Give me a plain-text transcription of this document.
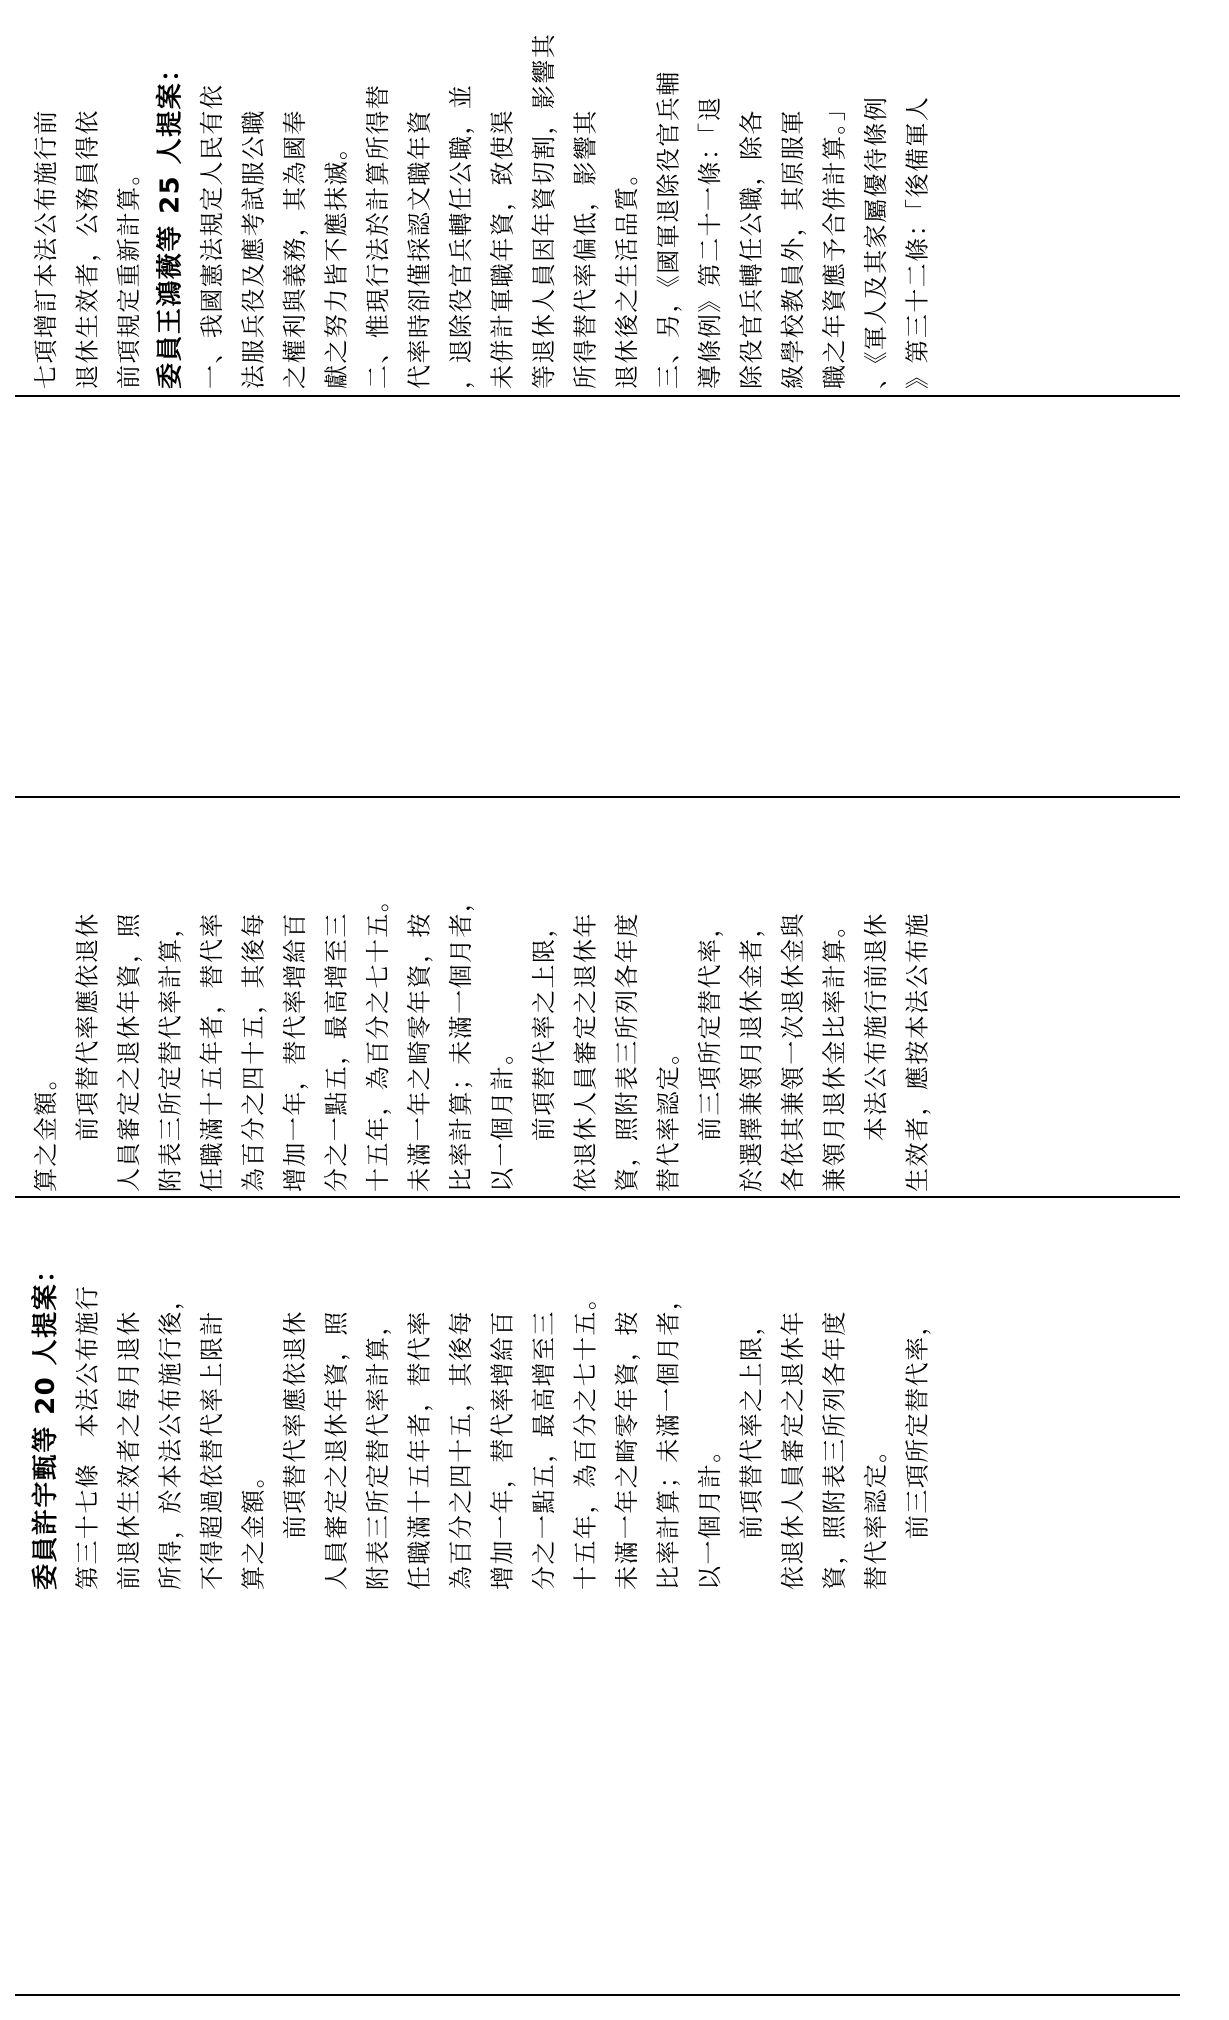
七項增訂本法公布施行前 退休生效者，公務員得依 前項規定重新計算。 委員王鴻薇等 25 人提案： 一、我國憲法規定人民有依 法服兵役及應考試服公職 之權利與義務，其為國奉 獻之努力皆不應抹滅。 二、惟現行法於計算所得替 代率時卻僅採認文職年資 ，退除役官兵轉任公職，並 未併計軍職年資，致使渠 等退休人員因年資切割，影響其 所得替代率偏低，影響其 退休後之生活品質。 三、另，《國軍退除役官兵輔 導條例》第二十一條：「退 除役官兵轉任公職，除各 級學校教員外，其原服軍 職之年資應予合併計算。」 、《軍人及其家屬優待條例 》第三十二條：「後備軍人
算之金額。 　　前項替代率應依退休 人員審定之退休年資，照 附表三所定替代率計算， 任職滿十五年者，替代率 為百分之四十五，其後每 增加一年，替代率增給百 分之一點五，最高增至三 十五年，為百分之七十五。 未滿一年之畸零年資，按 比率計算；未滿一個月者， 以一個月計。 　　前項替代率之上限， 依退休人員審定之退休年 資，照附表三所列各年度 替代率認定。 　　前三項所定替代率， 於選擇兼領月退休金者， 各依其兼領一次退休金與 兼領月退休金比率計算。 　　本法公布施行前退休 生效者，應按本法公布施
委員許宇甄等 20 人提案： 第三十七條　本法公布施行 前退休生效者之每月退休 所得，於本法公布施行後， 不得超過依替代率上限計 算之金額。 　　前項替代率應依退休 人員審定之退休年資，照 附表三所定替代率計算， 任職滿十五年者，替代率 為百分之四十五，其後每 增加一年，替代率增給百 分之一點五，最高增至三 十五年，為百分之七十五。 未滿一年之畸零年資，按 比率計算；未滿一個月者， 以一個月計。 　　前項替代率之上限， 依退休人員審定之退休年 資，照附表三所列各年度 替代率認定。 　　前三項所定替代率，
